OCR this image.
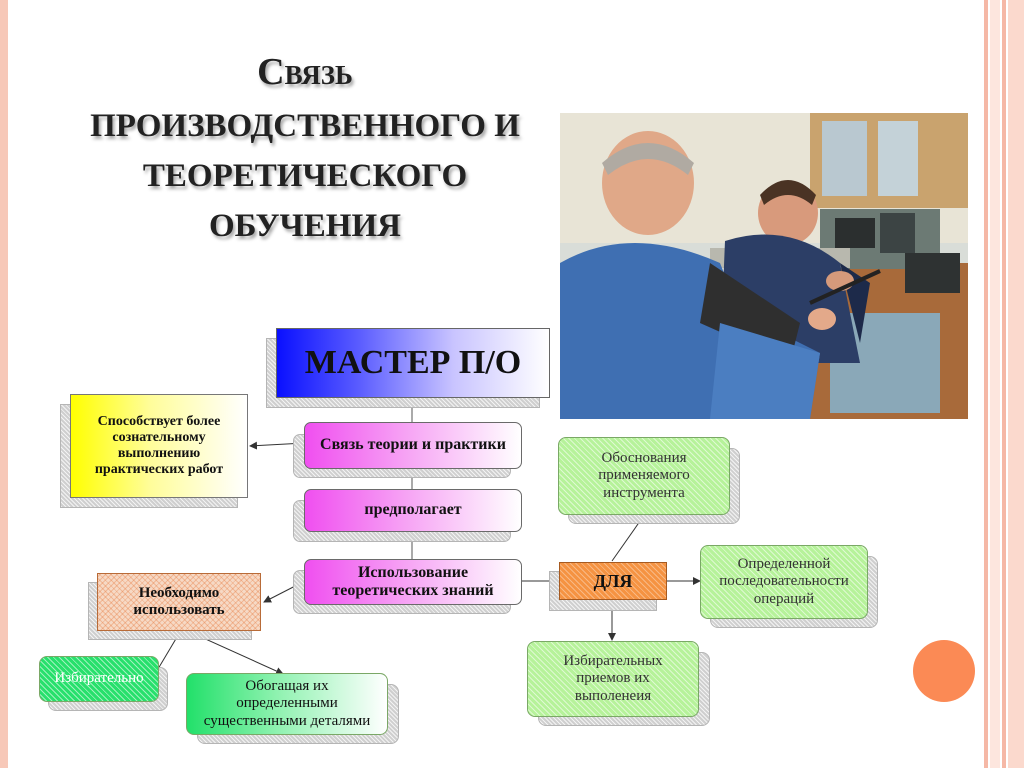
Связь
ПРОИЗВОДСТВЕННОГО И
ТЕОРЕТИЧЕСКОГО
ОБУЧЕНИЯ
МАСТЕР П/О
Связь теории и практики
предполагает
Использование теоретических знаний
Способствует более сознательному выполнению практических работ
Необходимо использовать
ДЛЯ
Избирательно	Обогащая их определенными существенными деталями
Обоснования применяемого инструмента
Определенной последовательности операций
Избирательных приемов их выполенеия
